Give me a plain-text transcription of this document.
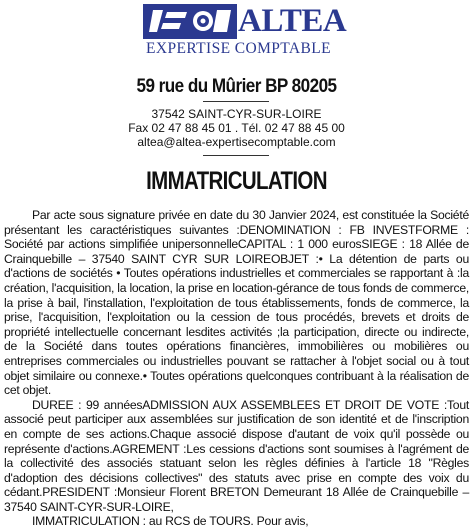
ALTEA
EXPERTISE COMPTABLE
59 rue du Mûrier BP 80205
37542 SAINT-CYR-SUR-LOIRE
Fax 02 47 88 45 01 . Tél. 02 47 88 45 00
altea@altea-expertisecomptable.com
IMMATRICULATION

Par acte sous signature privée en date du 30 Janvier 2024, est constituée la Société présentant les caractéristiques suivantes :DENOMINATION : FB INVESTFORME : Société par actions simplifiée unipersonnelleCAPITAL : 1 000 eurosSIEGE : 18 Allée de Crainquebille – 37540 SAINT CYR SUR LOIREOBJET :• La détention de parts ou d'actions de sociétés • Toutes opérations industrielles et commerciales se rapportant à :la création, l'acquisition, la location, la prise en location-gérance de tous fonds de commerce, la prise à bail, l'installation, l'exploitation de tous établissements, fonds de commerce, la prise, l'acquisition, l'exploitation ou la cession de tous procédés, brevets et droits de propriété intellectuelle concernant lesdites activités ;la participation, directe ou indirecte, de la Société dans toutes opérations financières, immobilières ou mobilières ou entreprises commerciales ou industrielles pouvant se rattacher à l'objet social ou à tout objet similaire ou connexe.• Toutes opérations quelconques contribuant à la réalisation de cet objet.

DUREE : 99 annéesADMISSION AUX ASSEMBLEES ET DROIT DE VOTE :Tout associé peut participer aux assemblées sur justification de son identité et de l'inscription en compte de ses actions.Chaque associé dispose d'autant de voix qu'il possède ou représente d'actions.AGREMENT :Les cessions d'actions sont soumises à l'agrément de la collectivité des associés statuant selon les règles définies à l'article 18 "Règles d'adoption des décisions collectives" des statuts avec prise en compte des voix du cédant.PRESIDENT :Monsieur Florent BRETON Demeurant 18 Allée de Crainquebille – 37540 SAINT-CYR-SUR-LOIRE,

IMMATRICULATION : au RCS de TOURS. Pour avis,
